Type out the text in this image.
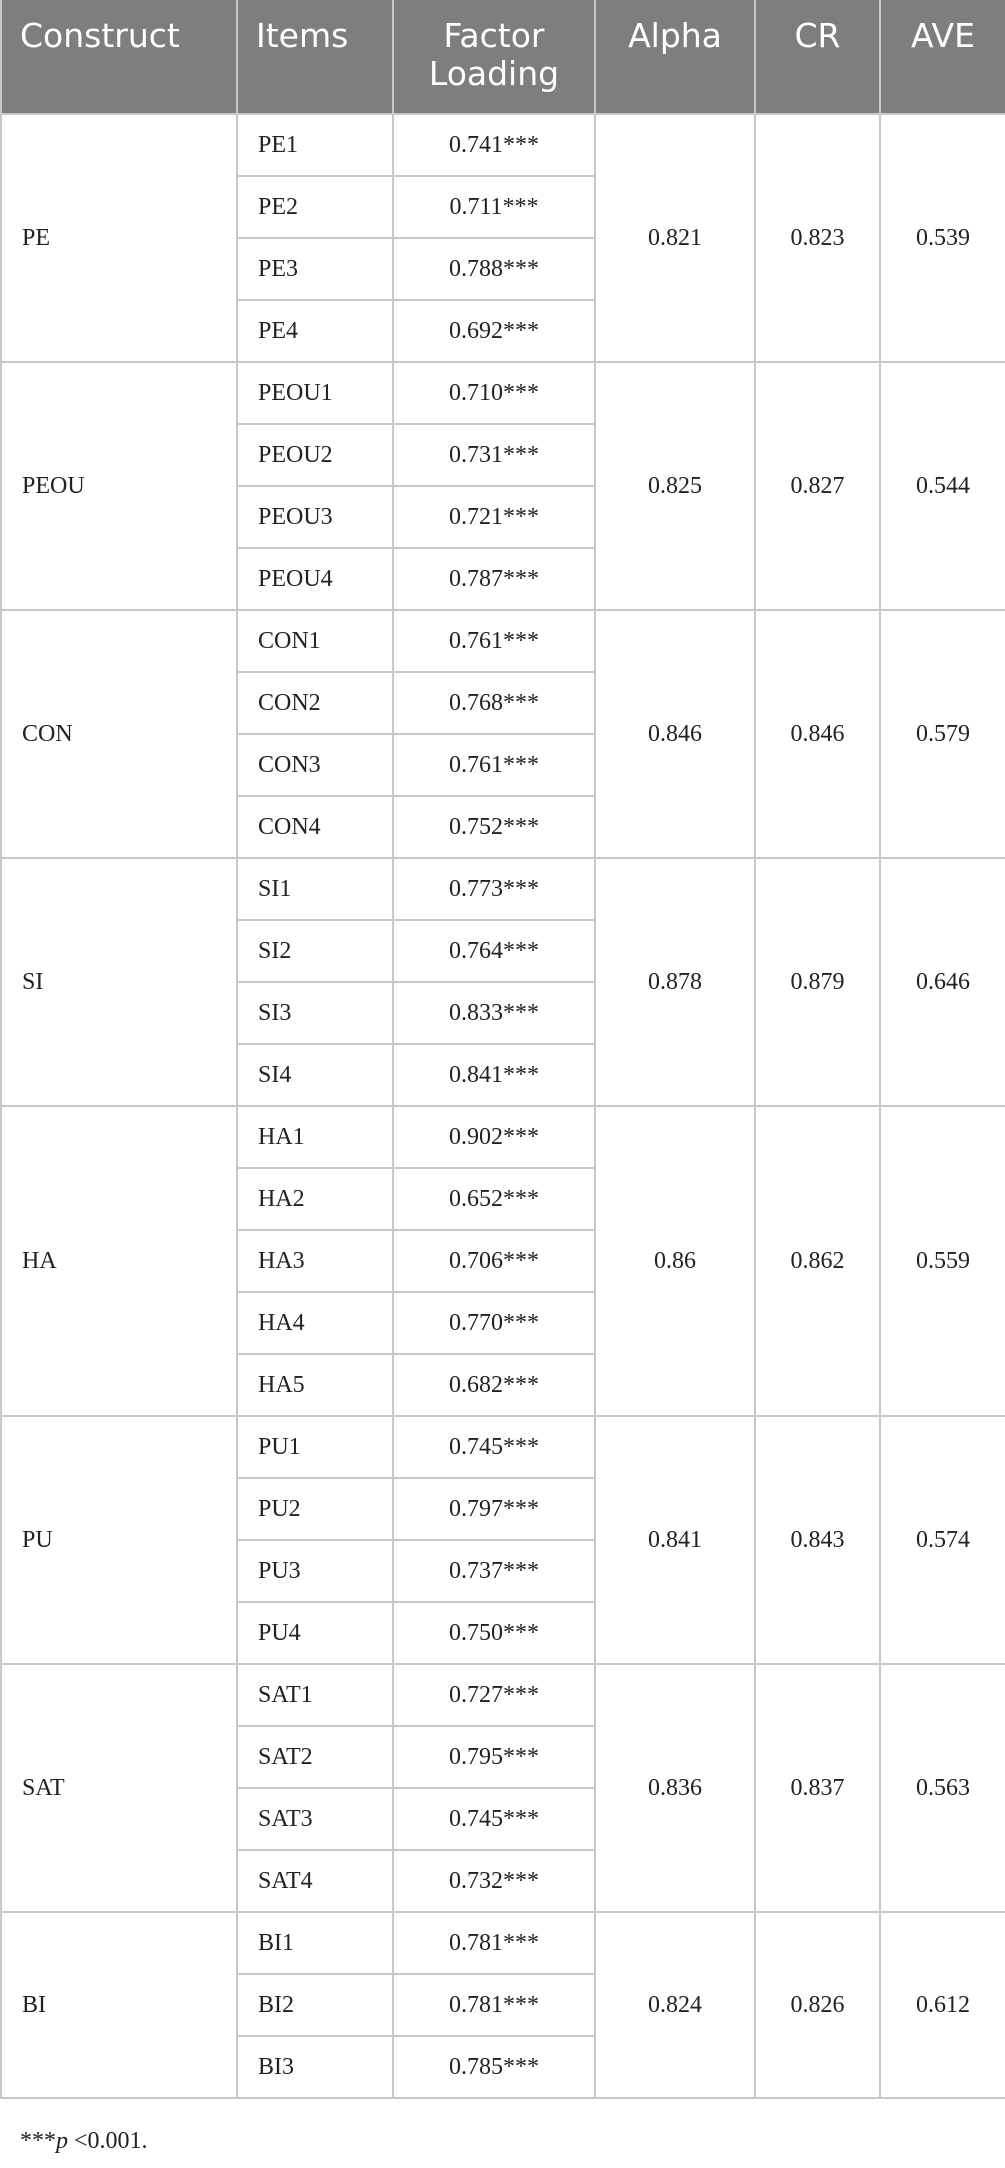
Construct	Items	Factor Loading	Alpha	CR	AVE
PE	PE1	0.741***	0.821	0.823	0.539
	PE2	0.711***			
	PE3	0.788***			
	PE4	0.692***			
PEOU	PEOU1	0.710***	0.825	0.827	0.544
	PEOU2	0.731***			
	PEOU3	0.721***			
	PEOU4	0.787***			
CON	CON1	0.761***	0.846	0.846	0.579
	CON2	0.768***			
	CON3	0.761***			
	CON4	0.752***			
SI	SI1	0.773***	0.878	0.879	0.646
	SI2	0.764***			
	SI3	0.833***			
	SI4	0.841***			
HA	HA1	0.902***	0.86	0.862	0.559
	HA2	0.652***			
	HA3	0.706***			
	HA4	0.770***			
	HA5	0.682***			
PU	PU1	0.745***	0.841	0.843	0.574
	PU2	0.797***			
	PU3	0.737***			
	PU4	0.750***			
SAT	SAT1	0.727***	0.836	0.837	0.563
	SAT2	0.795***			
	SAT3	0.745***			
	SAT4	0.732***			
BI	BI1	0.781***	0.824	0.826	0.612
	BI2	0.781***			
	BI3	0.785***			
***p <0.001.
